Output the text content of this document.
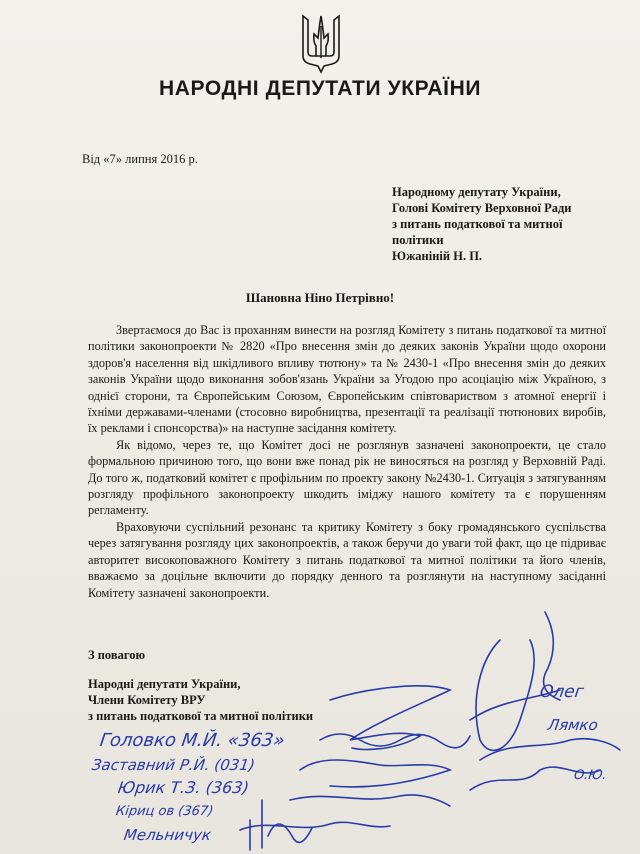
НАРОДНІ ДЕПУТАТИ УКРАЇНИ
Від «7» липня 2016 р.
Народному депутату України,
Голові Комітету Верховної Ради
з питань податкової та митної
політики
Южаніній Н. П.
Шановна Ніно Петрівно!

Звертаємося до Вас із проханням винести на розгляд Комітету з питань податкової та митної політики законопроекти № 2820 «Про внесення змін до деяких законів України щодо охорони здоров'я населення від шкідливого впливу тютюну» та № 2430-1 «Про внесення змін до деяких законів України щодо виконання зобов'язань України за Угодою про асоціацію між Україною, з однієї сторони, та Європейським Союзом, Європейським співтовариством з атомної енергії і їхніми державами-членами (стосовно виробництва, презентації та реалізації тютюнових виробів, їх реклами і спонсорства)» на наступне засідання комітету.

Як відомо, через те, що Комітет досі не розглянув зазначені законопроекти, це стало формальною причиною того, що вони вже понад рік не виносяться на розгляд у Верховній Раді. До того ж, податковий комітет є профільним по проекту закону №2430-1. Ситуація з затягуванням розгляду профільного законопроекту шкодить іміджу нашого комітету та є порушенням регламенту.

Враховуючи суспільний резонанс та критику Комітету з боку громадянського суспільства через затягування розгляду цих законопроектів, а також беручи до уваги той факт, що це підриває авторитет високоповажного Комітету з питань податкової та митної політики та його членів, вважаємо за доцільне включити до порядку денного та розглянути на наступному засіданні Комітету зазначені законопроекти.

З повагою
Народні депутати України,
Члени Комітету ВРУ
з питань податкової та митної політики
Головко М.Й. «363»
Заставний Р.Й. (031)
Юрик Т.З. (363)
Кіриц ов (367)
Мельничук
Олег
Лямко
О.Ю.
